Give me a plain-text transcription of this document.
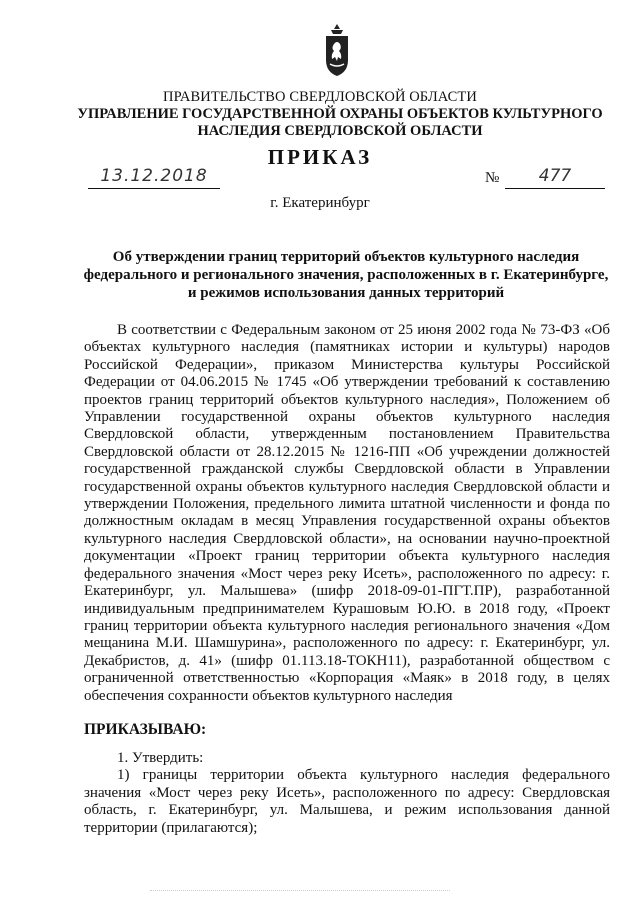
ПРАВИТЕЛЬСТВО СВЕРДЛОВСКОЙ ОБЛАСТИ
УПРАВЛЕНИЕ ГОСУДАРСТВЕННОЙ ОХРАНЫ ОБЪЕКТОВ КУЛЬТУРНОГО НАСЛЕДИЯ СВЕРДЛОВСКОЙ ОБЛАСТИ
ПРИКАЗ
13.12.2018	№	477
г. Екатеринбург
Об утверждении границ территорий объектов культурного наследия федерального и регионального значения, расположенных в г. Екатеринбурге, и режимов использования данных территорий

В соответствии с Федеральным законом от 25 июня 2002 года № 73-ФЗ «Об объектах культурного наследия (памятниках истории и культуры) народов Российской Федерации», приказом Министерства культуры Российской Федерации от 04.06.2015 № 1745 «Об утверждении требований к составлению проектов границ территорий объектов культурного наследия», Положением об Управлении государственной охраны объектов культурного наследия Свердловской области, утвержденным постановлением Правительства Свердловской области от 28.12.2015 № 1216-ПП «Об учреждении должностей государственной гражданской службы Свердловской области в Управлении государственной охраны объектов культурного наследия Свердловской области и утверждении Положения, предельного лимита штатной численности и фонда по должностным окладам в месяц Управления государственной охраны объектов культурного наследия Свердловской области», на основании научно-проектной документации «Проект границ территории объекта культурного наследия федерального значения «Мост через реку Исеть», расположенного по адресу: г. Екатеринбург, ул. Малышева» (шифр 2018-09-01-ПГТ.ПР), разработанной индивидуальным предпринимателем Курашовым Ю.Ю. в 2018 году, «Проект границ территории объекта культурного наследия регионального значения «Дом мещанина М.И. Шамшурина», расположенного по адресу: г. Екатеринбург, ул. Декабристов, д. 41» (шифр 01.113.18-ТОКН11), разработанной обществом с ограниченной ответственностью «Корпорация «Маяк» в 2018 году, в целях обеспечения сохранности объектов культурного наследия

ПРИКАЗЫВАЮ:

1. Утвердить:

1) границы территории объекта культурного наследия федерального значения «Мост через реку Исеть», расположенного по адресу: Свердловская область, г. Екатеринбург, ул. Малышева, и режим использования данной территории (прилагаются);
